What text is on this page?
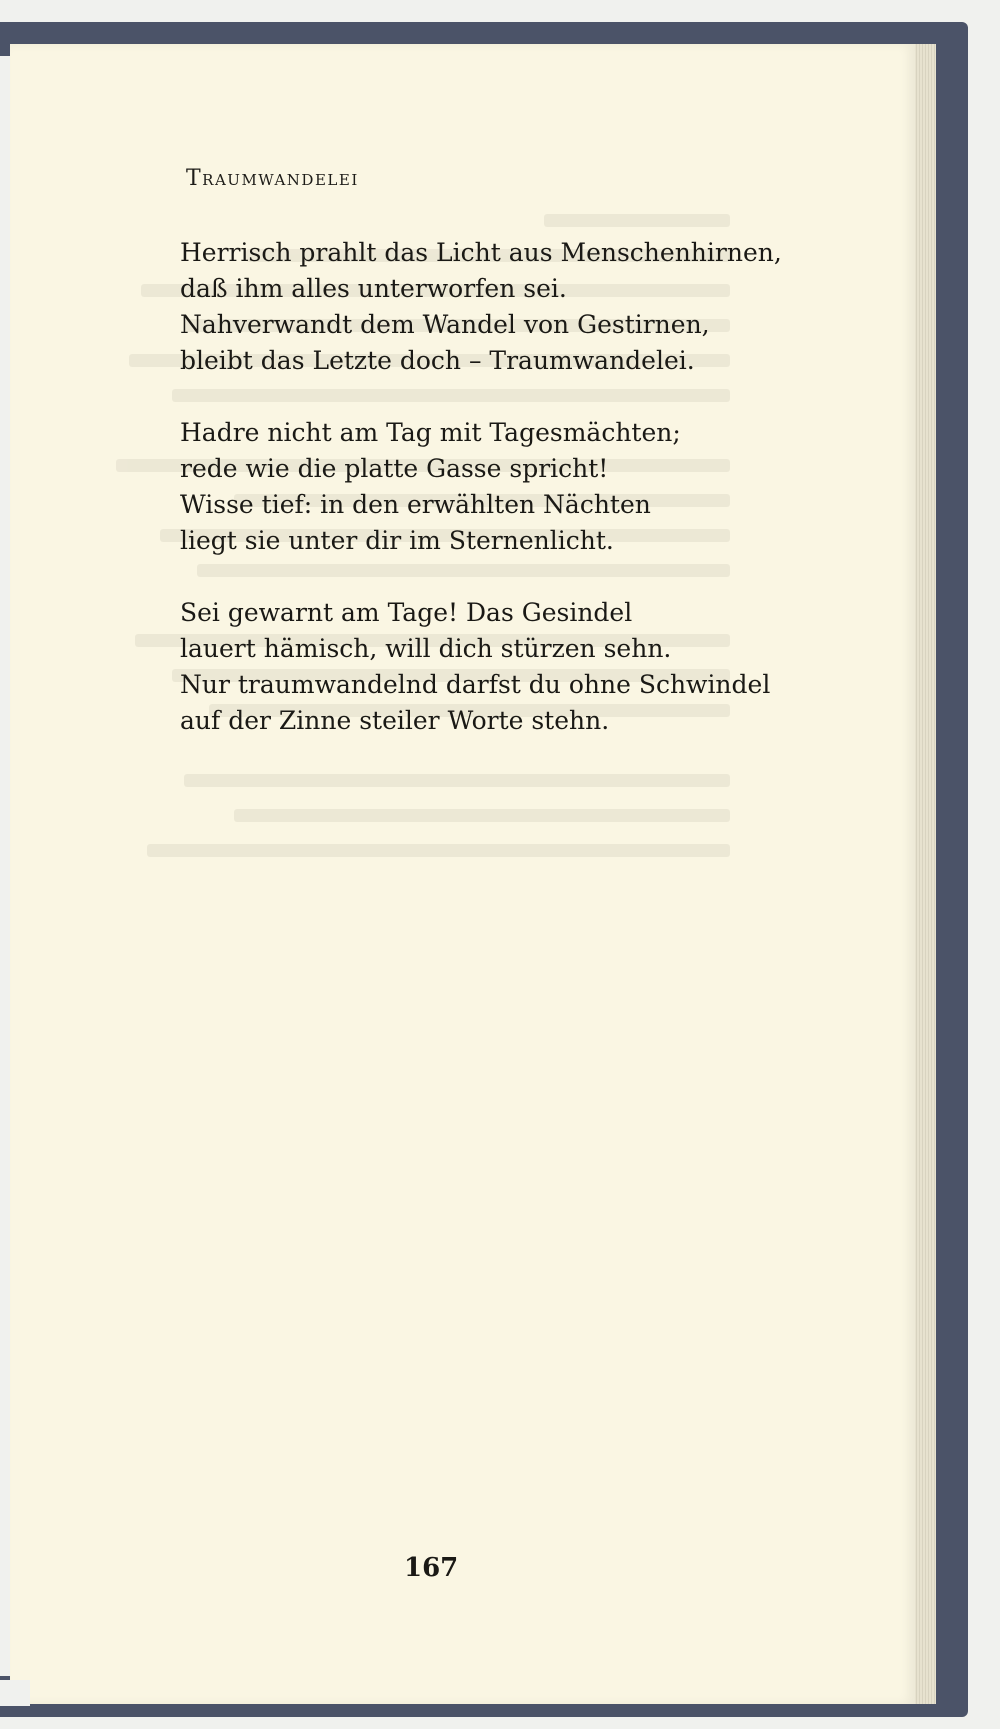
Traumwandelei
Herrisch prahlt das Licht aus Menschenhirnen,
daß ihm alles unterworfen sei.
Nahverwandt dem Wandel von Gestirnen,
bleibt das Letzte doch – Traumwandelei.
Hadre nicht am Tag mit Tagesmächten;
rede wie die platte Gasse spricht!
Wisse tief: in den erwählten Nächten
liegt sie unter dir im Sternenlicht.
Sei gewarnt am Tage! Das Gesindel
lauert hämisch, will dich stürzen sehn.
Nur traumwandelnd darfst du ohne Schwindel
auf der Zinne steiler Worte stehn.
167
